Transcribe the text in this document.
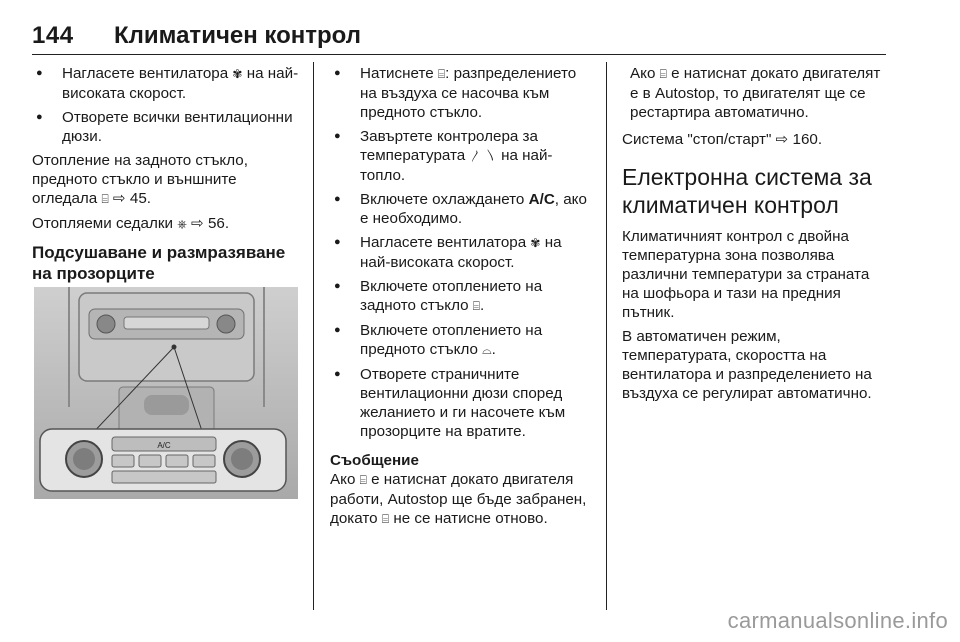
144 Климатичен контрол
● Нагласете вентилатора ✾ на най-високата скорост.
● Отворете всички вентилационни дюзи.

Отопление на задното стъкло, предното стъкло и външните огледала ⌸ ⇨ 45.

Отопляеми седалки ⎈ ⇨ 56.

Подсушаване и размразяване на прозорците
A/C
● Натиснете ⌸: разпределението на въздуха се насочва към предното стъкло.
● Завъртете контролера за температурата 〳 〵 на най-топло.
● Включете охлаждането A/C, ако е необходимо.
● Нагласете вентилатора ✾ на най-високата скорост.
● Включете отоплението на задното стъкло ⌸.
● Включете отоплението на предното стъкло ⌓.
● Отворете страничните вентилационни дюзи според желанието и ги насочете към прозорците на вратите.
Съобщение

Ако ⌸ е натиснат докато двигателя работи, Autostop ще бъде забранен, докато ⌸ не се натисне отново.

Ако ⌸ е натиснат докато двигателят е в Autostop, то двигателят ще се рестартира автоматично.

Система "стоп/старт" ⇨ 160.

Електронна система за климатичен контрол

Климатичният контрол с двойна температурна зона позволява различни температури за страната на шофьора и тази на предния пътник.

В автоматичен режим, температурата, скоростта на вентилатора и разпределението на въздуха се регулират автоматично.

carmanualsonline.info
